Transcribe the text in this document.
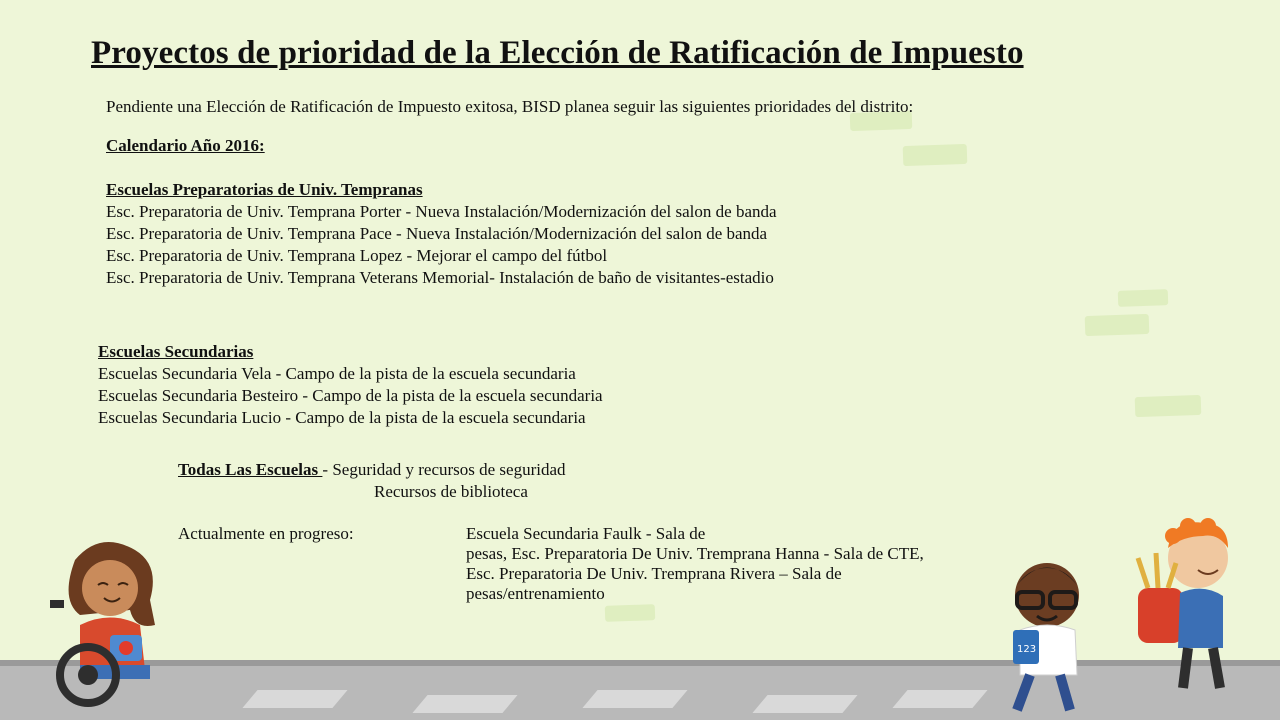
Proyectos de prioridad de la Elección de Ratificación de Impuesto
Pendiente una Elección de Ratificación de Impuesto exitosa, BISD planea seguir las siguientes prioridades del distrito:
Calendario Año 2016:
Escuelas Preparatorias de Univ. Tempranas
Esc. Preparatoria de Univ. Temprana Porter - Nueva Instalación/Modernización del salon de banda
Esc. Preparatoria de Univ. Temprana Pace - Nueva Instalación/Modernización del salon de banda
Esc. Preparatoria de Univ. Temprana Lopez - Mejorar el campo del fútbol
Esc. Preparatoria de Univ. Temprana Veterans Memorial- Instalación de baño de visitantes-estadio
Escuelas Secundarias
Escuelas Secundaria Vela - Campo de la pista de la escuela secundaria
Escuelas Secundaria Besteiro - Campo de la pista de la escuela secundaria
Escuelas Secundaria Lucio - Campo de la pista de la escuela secundaria
Todas Las Escuelas - Seguridad y recursos de seguridad
Recursos de biblioteca
Actualmente en progreso:	Escuela Secundaria Faulk - Sala de
pesas, Esc. Preparatoria De Univ. Tremprana Hanna - Sala de CTE,
Esc. Preparatoria De Univ. Tremprana Rivera – Sala de
pesas/entrenamiento
123
